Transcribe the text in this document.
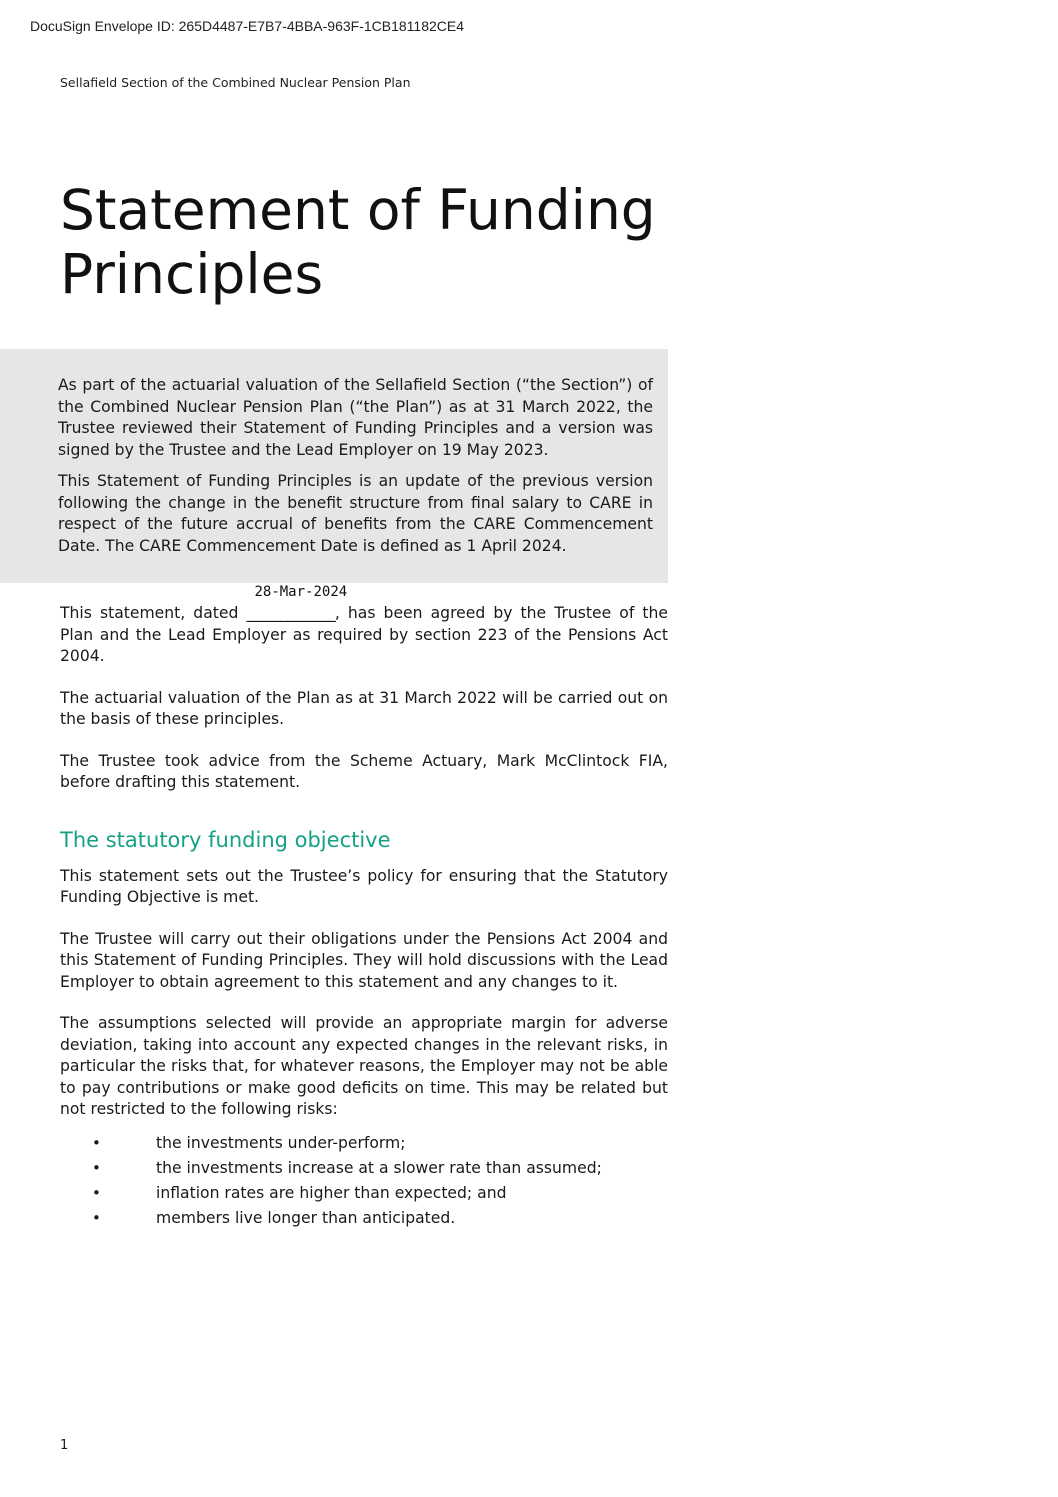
DocuSign Envelope ID: 265D4487-E7B7-4BBA-963F-1CB181182CE4
Sellafield Section of the Combined Nuclear Pension Plan
Statement of Funding Principles

As part of the actuarial valuation of the Sellafield Section (“the Section”) of the Combined Nuclear Pension Plan (“the Plan”) as at 31 March 2022, the Trustee reviewed their Statement of Funding Principles and a version was signed by the Trustee and the Lead Employer on 19 May 2023.

This Statement of Funding Principles is an update of the previous version following the change in the benefit structure from final salary to CARE in respect of the future accrual of benefits from the CARE Commencement Date. The CARE Commencement Date is defined as 1 April 2024.

This statement, dated
28-Mar-2024
_____________, has been agreed by the Trustee of the Plan and the Lead Employer as required by section 223 of the Pensions Act 2004.

The actuarial valuation of the Plan as at 31 March 2022 will be carried out on the basis of these principles.

The Trustee took advice from the Scheme Actuary, Mark McClintock FIA, before drafting this statement.

The statutory funding objective

This statement sets out the Trustee’s policy for ensuring that the Statutory Funding Objective is met.

The Trustee will carry out their obligations under the Pensions Act 2004 and this Statement of Funding Principles. They will hold discussions with the Lead Employer to obtain agreement to this statement and any changes to it.

The assumptions selected will provide an appropriate margin for adverse deviation, taking into account any expected changes in the relevant risks, in particular the risks that, for whatever reasons, the Employer may not be able to pay contributions or make good deficits on time. This may be related but not restricted to the following risks:

• the investments under-perform;
• the investments increase at a slower rate than assumed;
• inflation rates are higher than expected; and
• members live longer than anticipated.
1
